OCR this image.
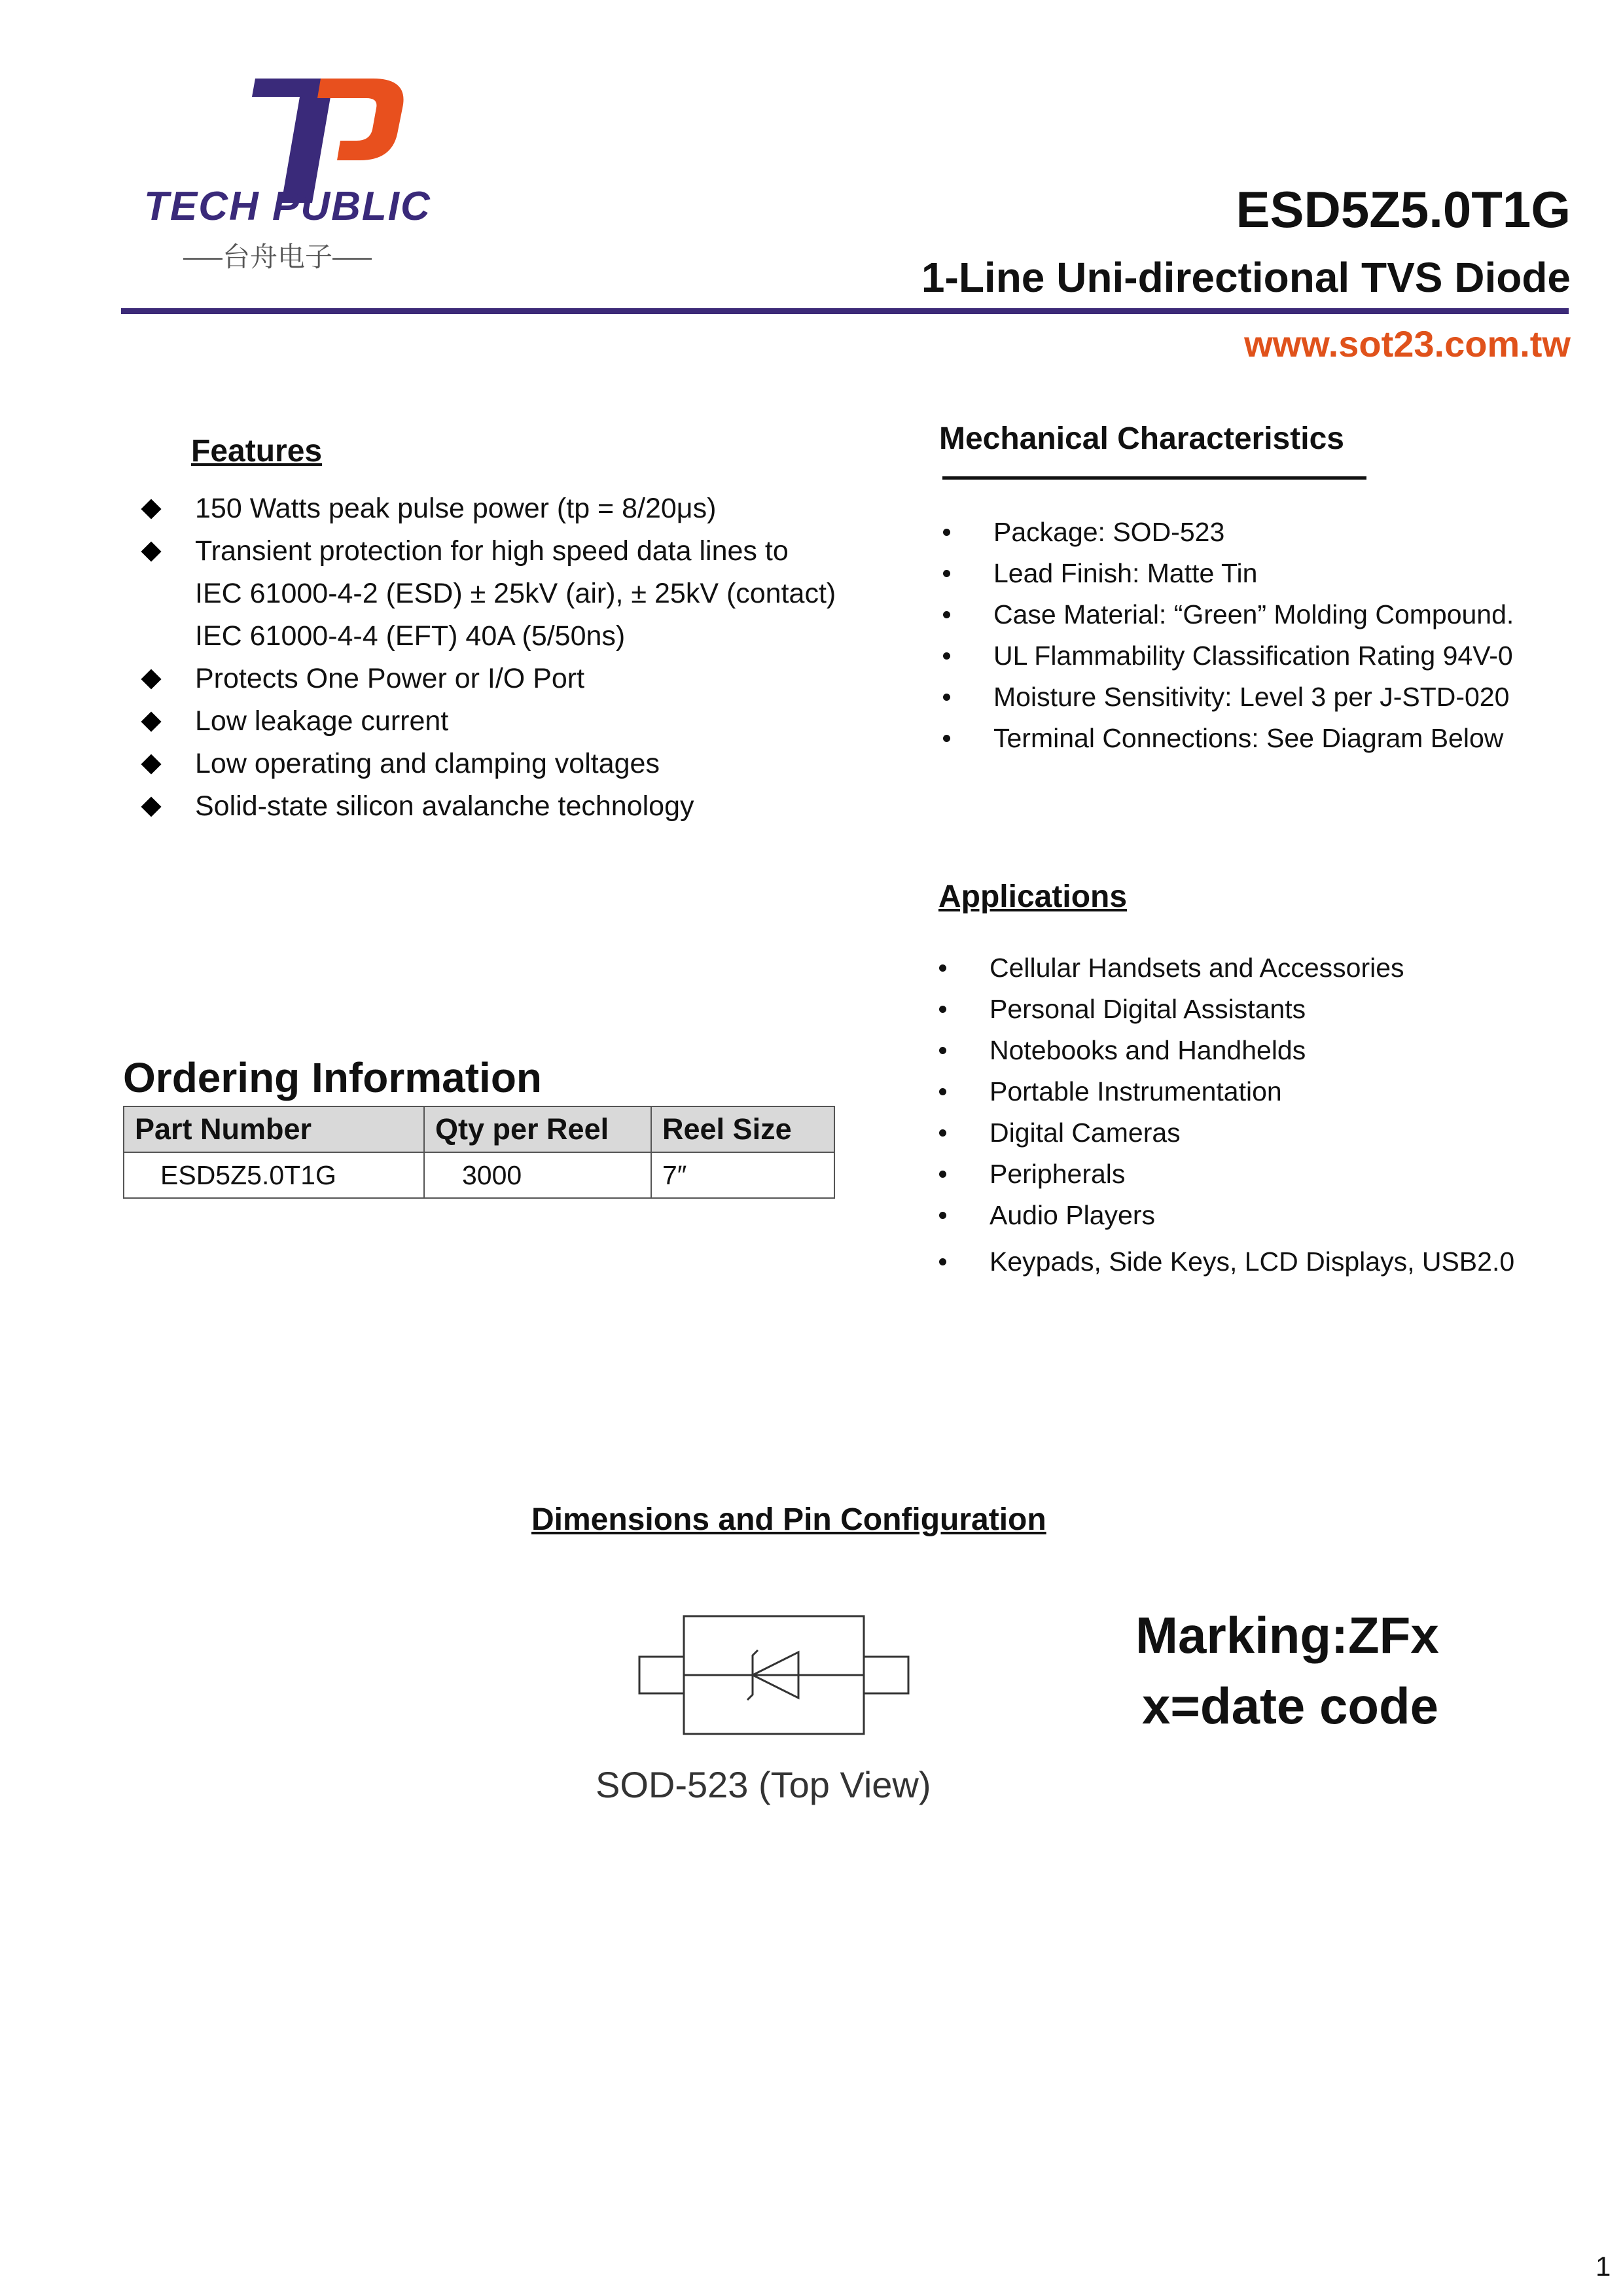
TECH PUBLIC
台舟电子
ESD5Z5.0T1G
1-Line Uni-directional TVS Diode
www.sot23.com.tw
Features
150 Watts peak pulse power (tp = 8/20μs)
Transient protection for high speed data lines to
IEC 61000-4-2 (ESD) ± 25kV (air), ± 25kV (contact)
IEC 61000-4-4 (EFT) 40A (5/50ns)
Protects One Power or I/O Port
Low leakage current
Low operating and clamping voltages
Solid-state silicon avalanche technology
Mechanical Characteristics
Package: SOD-523
Lead Finish: Matte Tin
Case Material: “Green” Molding Compound.
UL Flammability Classification Rating 94V-0
Moisture Sensitivity: Level 3 per J-STD-020
Terminal Connections: See Diagram Below
Applications
Cellular Handsets and Accessories
Personal Digital Assistants
Notebooks and Handhelds
Portable Instrumentation
Digital Cameras
Peripherals
Audio Players
Keypads, Side Keys, LCD Displays, USB2.0
Ordering Information
Part Number	Qty per Reel	Reel Size
ESD5Z5.0T1G	3000	7″
Dimensions and Pin Configuration
SOD-523 (Top View)
Marking:ZFx
x=date code
1
